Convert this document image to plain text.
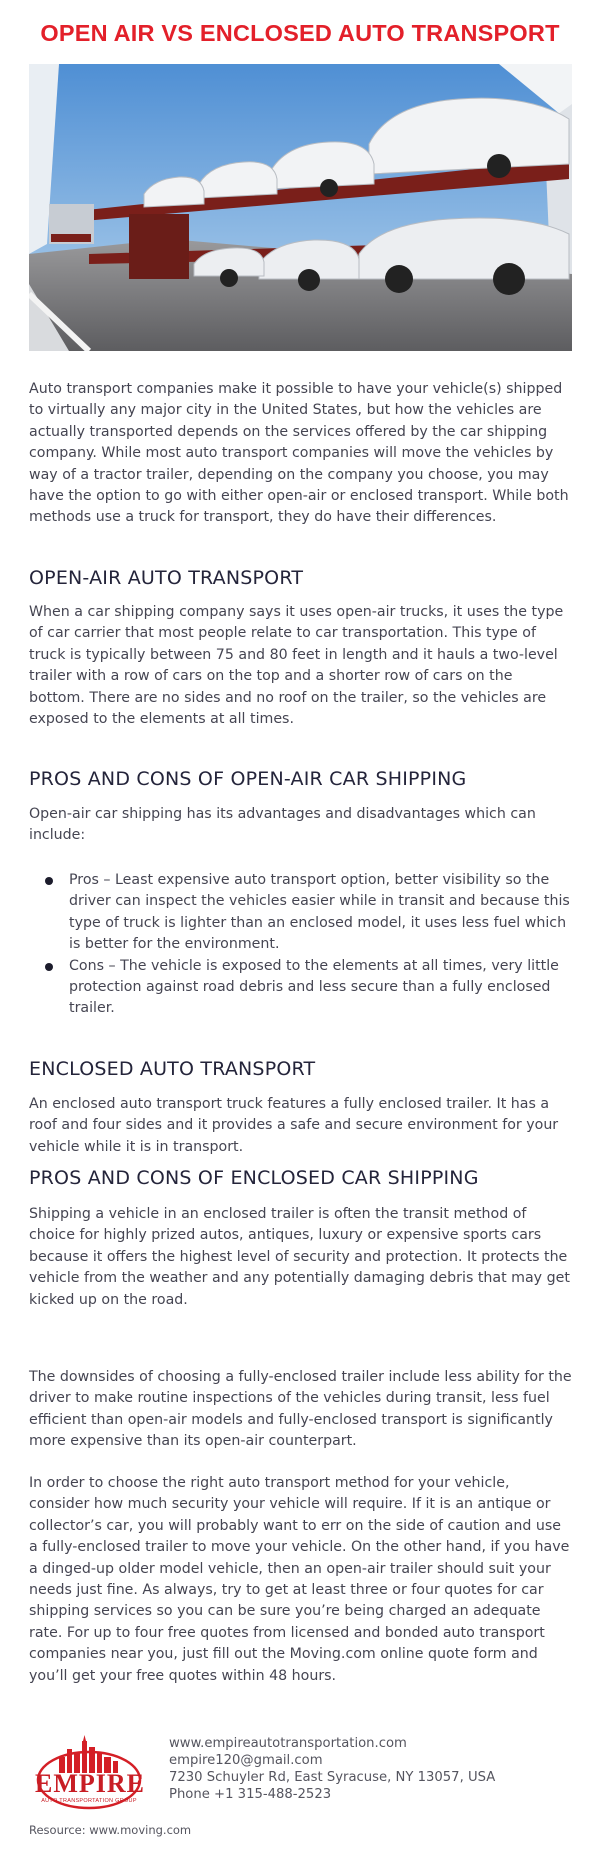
OPEN AIR VS ENCLOSED AUTO TRANSPORT

Auto transport companies make it possible to have your vehicle(s) shipped to virtually any major city in the United States, but how the vehicles are actually transported depends on the services offered by the car shipping company. While most auto transport companies will move the vehicles by way of a tractor trailer, depending on the company you choose, you may have the option to go with either open-air or enclosed transport. While both methods use a truck for transport, they do have their differences.

OPEN-AIR AUTO TRANSPORT

When a car shipping company says it uses open-air trucks, it uses the type of car carrier that most people relate to car transportation. This type of truck is typically between 75 and 80 feet in length and it hauls a two-level trailer with a row of cars on the top and a shorter row of cars on the bottom. There are no sides and no roof on the trailer, so the vehicles are exposed to the elements at all times.

PROS AND CONS OF OPEN-AIR CAR SHIPPING

Open-air car shipping has its advantages and disadvantages which can include:

Pros – Least expensive auto transport option, better visibility so the driver can inspect the vehicles easier while in transit and because this type of truck is lighter than an enclosed model, it uses less fuel which is better for the environment.
Cons – The vehicle is exposed to the elements at all times, very little protection against road debris and less secure than a fully enclosed trailer.
ENCLOSED AUTO TRANSPORT

An enclosed auto transport truck features a fully enclosed trailer. It has a roof and four sides and it provides a safe and secure environment for your vehicle while it is in transport.

PROS AND CONS OF ENCLOSED CAR SHIPPING

Shipping a vehicle in an enclosed trailer is often the transit method of choice for highly prized autos, antiques, luxury or expensive sports cars because it offers the highest level of security and protection. It protects the vehicle from the weather and any potentially damaging debris that may get kicked up on the road.

The downsides of choosing a fully-enclosed trailer include less ability for the driver to make routine inspections of the vehicles during transit, less fuel efficient than open-air models and fully-enclosed transport is significantly more expensive than its open-air counterpart.

In order to choose the right auto transport method for your vehicle, consider how much security your vehicle will require. If it is an antique or collector’s car, you will probably want to err on the side of caution and use a fully-enclosed trailer to move your vehicle. On the other hand, if you have a dinged-up older model vehicle, then an open-air trailer should suit your needs just fine. As always, try to get at least three or four quotes for car shipping services so you can be sure you’re being charged an adequate rate. For up to four free quotes from licensed and bonded auto transport companies near you, just fill out the Moving.com online quote form and you’ll get your free quotes within 48 hours.

EMPIRE
AUTO TRANSPORTATION GROUP
www.empireautotransportation.com
empire120@gmail.com
7230 Schuyler Rd, East Syracuse, NY 13057, USA
Phone +1 315-488-2523
Resource: www.moving.com
